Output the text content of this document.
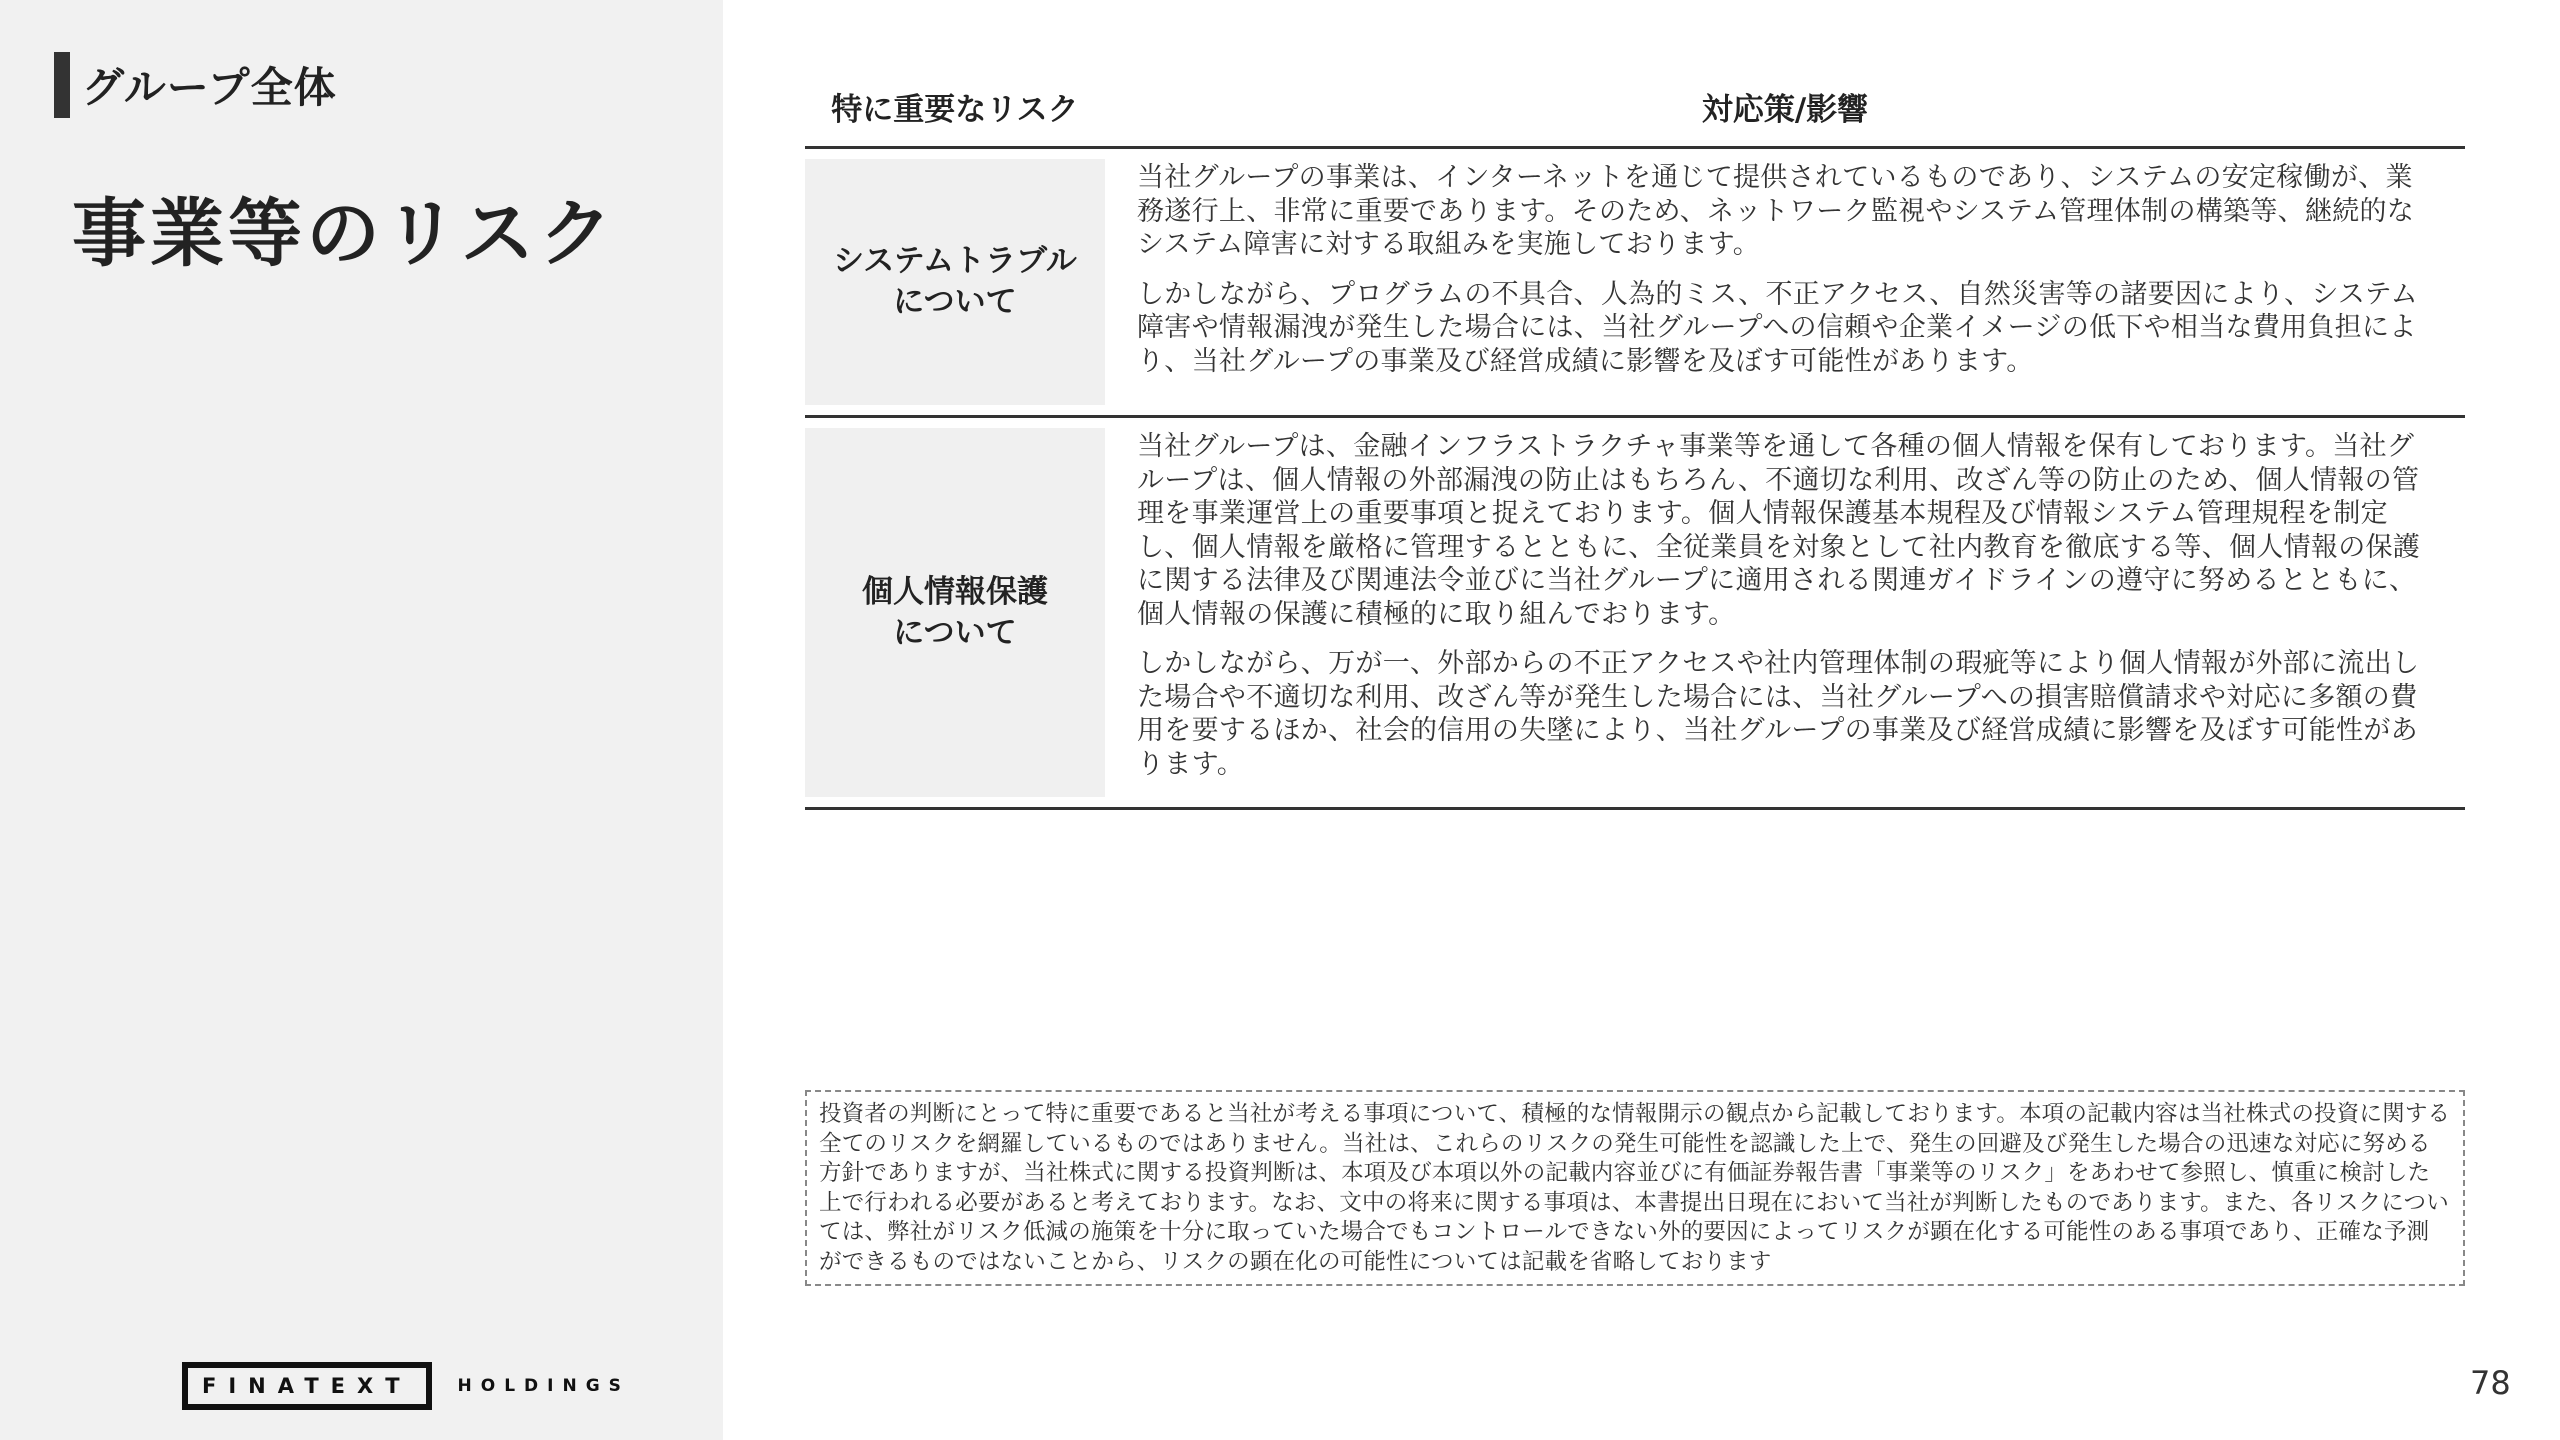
グループ全体
事業等のリスク
FINATEXT	HOLDINGS
特に重要なリスク	対応策/影響
システムトラブル
について

当社グループの事業は、インターネットを通じて提供されているものであり、システムの安定稼働が、業務遂行上、非常に重要であります。そのため、ネットワーク監視やシステム管理体制の構築等、継続的なシステム障害に対する取組みを実施しております。

しかしながら、プログラムの不具合、人為的ミス、不正アクセス、自然災害等の諸要因により、システム障害や情報漏洩が発生した場合には、当社グループへの信頼や企業イメージの低下や相当な費用負担により、当社グループの事業及び経営成績に影響を及ぼす可能性があります。

個人情報保護
について

当社グループは、金融インフラストラクチャ事業等を通して各種の個人情報を保有しております。当社グループは、個人情報の外部漏洩の防止はもちろん、不適切な利用、改ざん等の防止のため、個人情報の管理を事業運営上の重要事項と捉えております。個人情報保護基本規程及び情報システム管理規程を制定し、個人情報を厳格に管理するとともに、全従業員を対象として社内教育を徹底する等、個人情報の保護に関する法律及び関連法令並びに当社グループに適用される関連ガイドラインの遵守に努めるとともに、個人情報の保護に積極的に取り組んでおります。

しかしながら、万が一、外部からの不正アクセスや社内管理体制の瑕疵等により個人情報が外部に流出した場合や不適切な利用、改ざん等が発生した場合には、当社グループへの損害賠償請求や対応に多額の費用を要するほか、社会的信用の失墜により、当社グループの事業及び経営成績に影響を及ぼす可能性があります。

投資者の判断にとって特に重要であると当社が考える事項について、積極的な情報開示の観点から記載しております。本項の記載内容は当社株式の投資に関する全てのリスクを網羅しているものではありません。当社は、これらのリスクの発生可能性を認識した上で、発生の回避及び発生した場合の迅速な対応に努める方針でありますが、当社株式に関する投資判断は、本項及び本項以外の記載内容並びに有価証券報告書「事業等のリスク」をあわせて参照し、慎重に検討した上で行われる必要があると考えております。なお、文中の将来に関する事項は、本書提出日現在において当社が判断したものであります。また、各リスクについては、弊社がリスク低減の施策を十分に取っていた場合でもコントロールできない外的要因によってリスクが顕在化する可能性のある事項であり、正確な予測ができるものではないことから、リスクの顕在化の可能性については記載を省略しております
78
